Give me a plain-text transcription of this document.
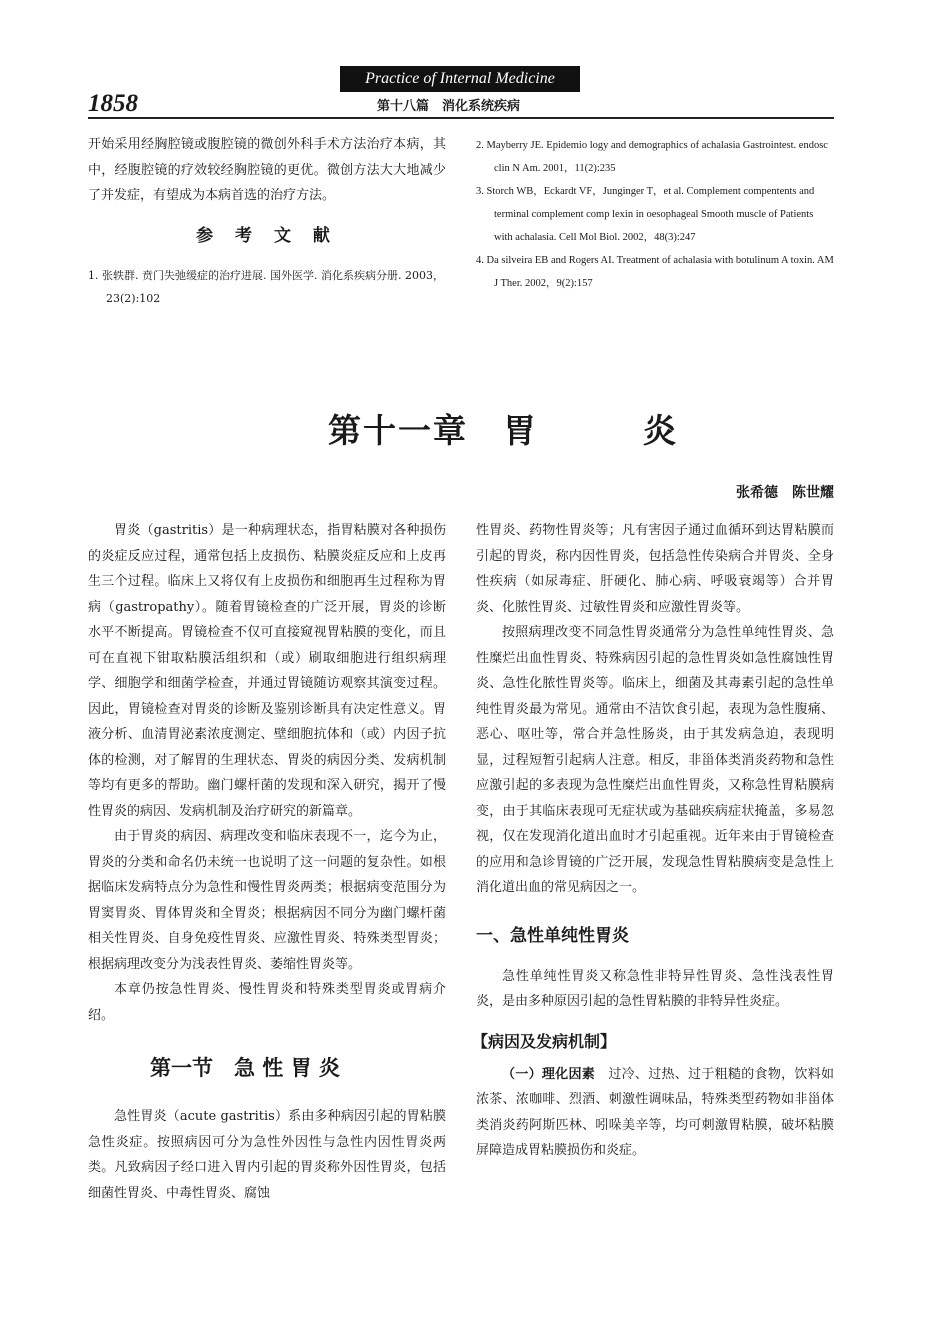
Practice of Internal Medicine
1858	第十八篇　消化系统疾病

开始采用经胸腔镜或腹腔镜的微创外科手术方法治疗本病，其中，经腹腔镜的疗效较经胸腔镜的更优。微创方法大大地减少了并发症，有望成为本病首选的治疗方法。

参 考 文 献

1. 张轶群. 贲门失弛缓症的治疗进展. 国外医学. 消化系疾病分册. 2003，23(2):102

2. Mayberry JE. Epidemio logy and demographics of achalasia Gastrointest. endosc clin N Am. 2001，11(2):235

3. Storch WB，Eckardt VF，Junginger T，et al. Complement compentents and terminal complement comp lexin in oesophageal Smooth muscle of Patients with achalasia. Cell Mol Biol. 2002，48(3):247

4. Da silveira EB and Rogers AI. Treatment of achalasia with botulinum A toxin. AM J Ther. 2002，9(2):157

第十一章　胃　　　炎
张希德　陈世耀

胃炎（gastritis）是一种病理状态，指胃粘膜对各种损伤的炎症反应过程，通常包括上皮损伤、粘膜炎症反应和上皮再生三个过程。临床上又将仅有上皮损伤和细胞再生过程称为胃病（gastropathy）。随着胃镜检查的广泛开展，胃炎的诊断水平不断提高。胃镜检查不仅可直接窥视胃粘膜的变化，而且可在直视下钳取粘膜活组织和（或）刷取细胞进行组织病理学、细胞学和细菌学检查，并通过胃镜随访观察其演变过程。因此，胃镜检查对胃炎的诊断及鉴别诊断具有决定性意义。胃液分析、血清胃泌素浓度测定、壁细胞抗体和（或）内因子抗体的检测，对了解胃的生理状态、胃炎的病因分类、发病机制等均有更多的帮助。幽门螺杆菌的发现和深入研究，揭开了慢性胃炎的病因、发病机制及治疗研究的新篇章。

由于胃炎的病因、病理改变和临床表现不一，迄今为止，胃炎的分类和命名仍未统一也说明了这一问题的复杂性。如根据临床发病特点分为急性和慢性胃炎两类；根据病变范围分为胃窦胃炎、胃体胃炎和全胃炎；根据病因不同分为幽门螺杆菌相关性胃炎、自身免疫性胃炎、应激性胃炎、特殊类型胃炎；根据病理改变分为浅表性胃炎、萎缩性胃炎等。

本章仍按急性胃炎、慢性胃炎和特殊类型胃炎或胃病介绍。

第一节　急 性 胃 炎

急性胃炎（acute gastritis）系由多种病因引起的胃粘膜急性炎症。按照病因可分为急性外因性与急性内因性胃炎两类。凡致病因子经口进入胃内引起的胃炎称外因性胃炎，包括细菌性胃炎、中毒性胃炎、腐蚀

性胃炎、药物性胃炎等；凡有害因子通过血循环到达胃粘膜而引起的胃炎，称内因性胃炎，包括急性传染病合并胃炎、全身性疾病（如尿毒症、肝硬化、肺心病、呼吸衰竭等）合并胃炎、化脓性胃炎、过敏性胃炎和应激性胃炎等。

按照病理改变不同急性胃炎通常分为急性单纯性胃炎、急性糜烂出血性胃炎、特殊病因引起的急性胃炎如急性腐蚀性胃炎、急性化脓性胃炎等。临床上，细菌及其毒素引起的急性单纯性胃炎最为常见。通常由不洁饮食引起，表现为急性腹痛、恶心、呕吐等，常合并急性肠炎，由于其发病急迫，表现明显，过程短暂引起病人注意。相反，非甾体类消炎药物和急性应激引起的多表现为急性糜烂出血性胃炎，又称急性胃粘膜病变，由于其临床表现可无症状或为基础疾病症状掩盖，多易忽视，仅在发现消化道出血时才引起重视。近年来由于胃镜检查的应用和急诊胃镜的广泛开展，发现急性胃粘膜病变是急性上消化道出血的常见病因之一。

一、急性单纯性胃炎

急性单纯性胃炎又称急性非特异性胃炎、急性浅表性胃炎，是由多种原因引起的急性胃粘膜的非特异性炎症。

【病因及发病机制】

（一）理化因素　过冷、过热、过于粗糙的食物，饮料如浓茶、浓咖啡、烈酒、刺激性调味品，特殊类型药物如非甾体类消炎药阿斯匹林、吲哚美辛等，均可刺激胃粘膜，破坏粘膜屏障造成胃粘膜损伤和炎症。
